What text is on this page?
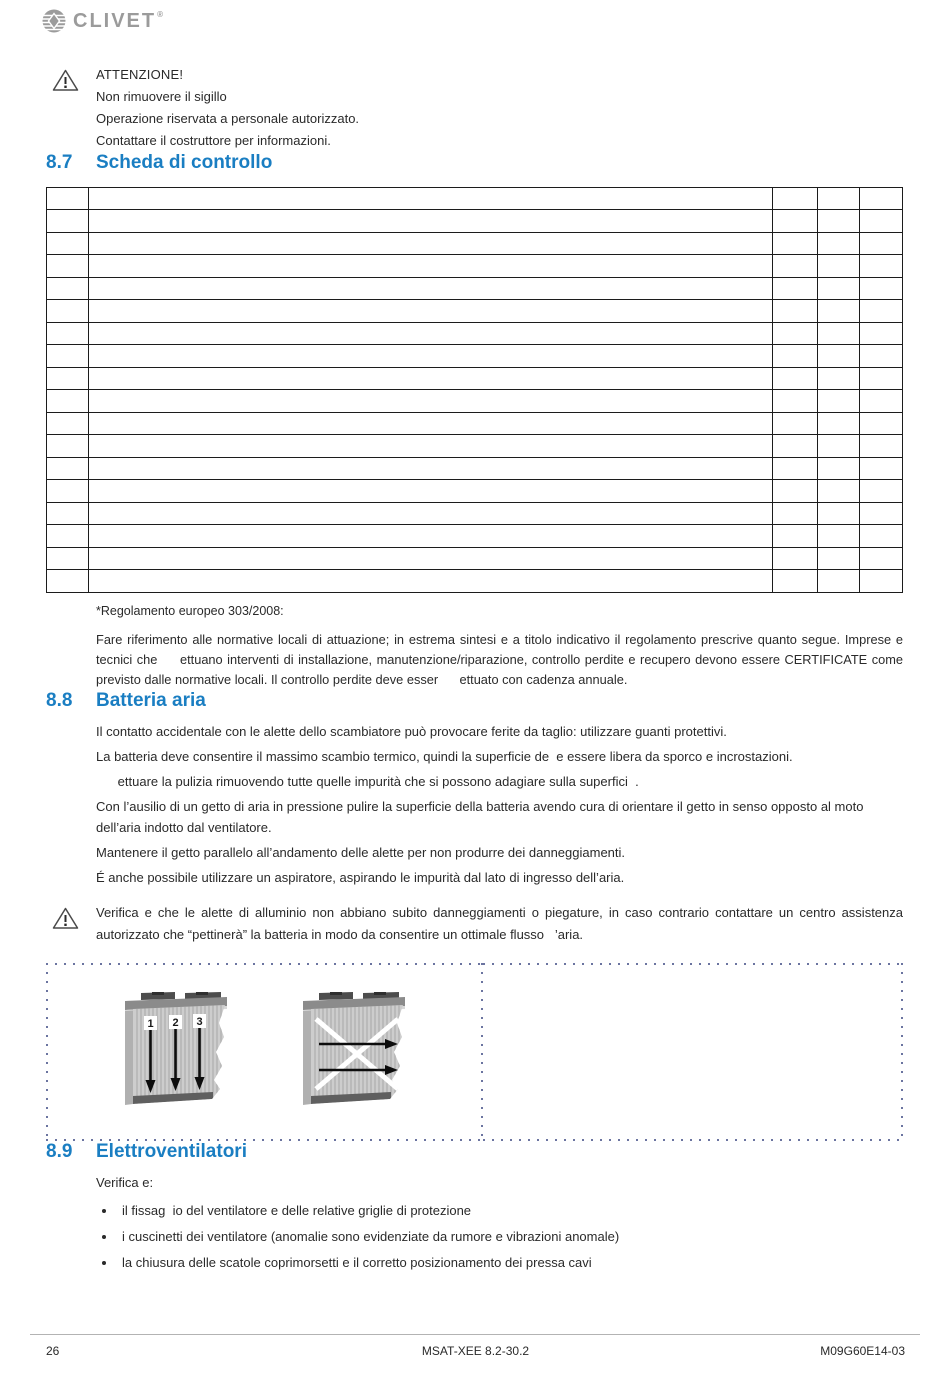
CLIVET®

ATTENZIONE!

Non rimuovere il sigillo

Operazione riservata a personale autorizzato.

Contattare il costruttore per informazioni.

8.7	Scheda di controllo

*Regolamento europeo 303/2008:

Fare riferimento alle normative locali di attuazione; in estrema sintesi e a titolo indicativo il regolamento prescrive quanto segue. Imprese e tecnici che     ettuano interventi di installazione, manutenzione/riparazione, controllo perdite e recupero devono essere CERTIFICATE come previsto dalle normative locali. Il controllo perdite deve esser      ettuato con cadenza annuale.

8.8	Batteria aria

Il contatto accidentale con le alette dello scambiatore può provocare ferite da taglio: utilizzare guanti protettivi.

La batteria deve consentire il massimo scambio termico, quindi la superficie de  e essere libera da sporco e incrostazioni.

ettuare la pulizia rimuovendo tutte quelle impurità che si possono adagiare sulla superfici  .

Con l’ausilio di un getto di aria in pressione pulire la superficie della batteria avendo cura di orientare il getto in senso opposto al moto dell’aria indotto dal ventilatore.

Mantenere il getto parallelo all’andamento delle alette per non produrre dei danneggiamenti.

É anche possibile utilizzare un aspiratore, aspirando le impurità dal lato di ingresso dell’aria.

Verifica e che le alette di alluminio non abbiano subito danneggiamenti o piegature, in caso contrario contattare un centro assistenza autorizzato che “pettinerà” la batteria in modo da consentire un ottimale flusso   ’aria.

1 2 3
8.9	Elettroventilatori

Verifica e:

il fissag  io del ventilatore e delle relative griglie di protezione
i cuscinetti dei ventilatore (anomalie sono evidenziate da rumore e vibrazioni anomale)
la chiusura delle scatole coprimorsetti e il corretto posizionamento dei pressa cavi
26	MSAT-XEE 8.2-30.2	M09G60E14-03
